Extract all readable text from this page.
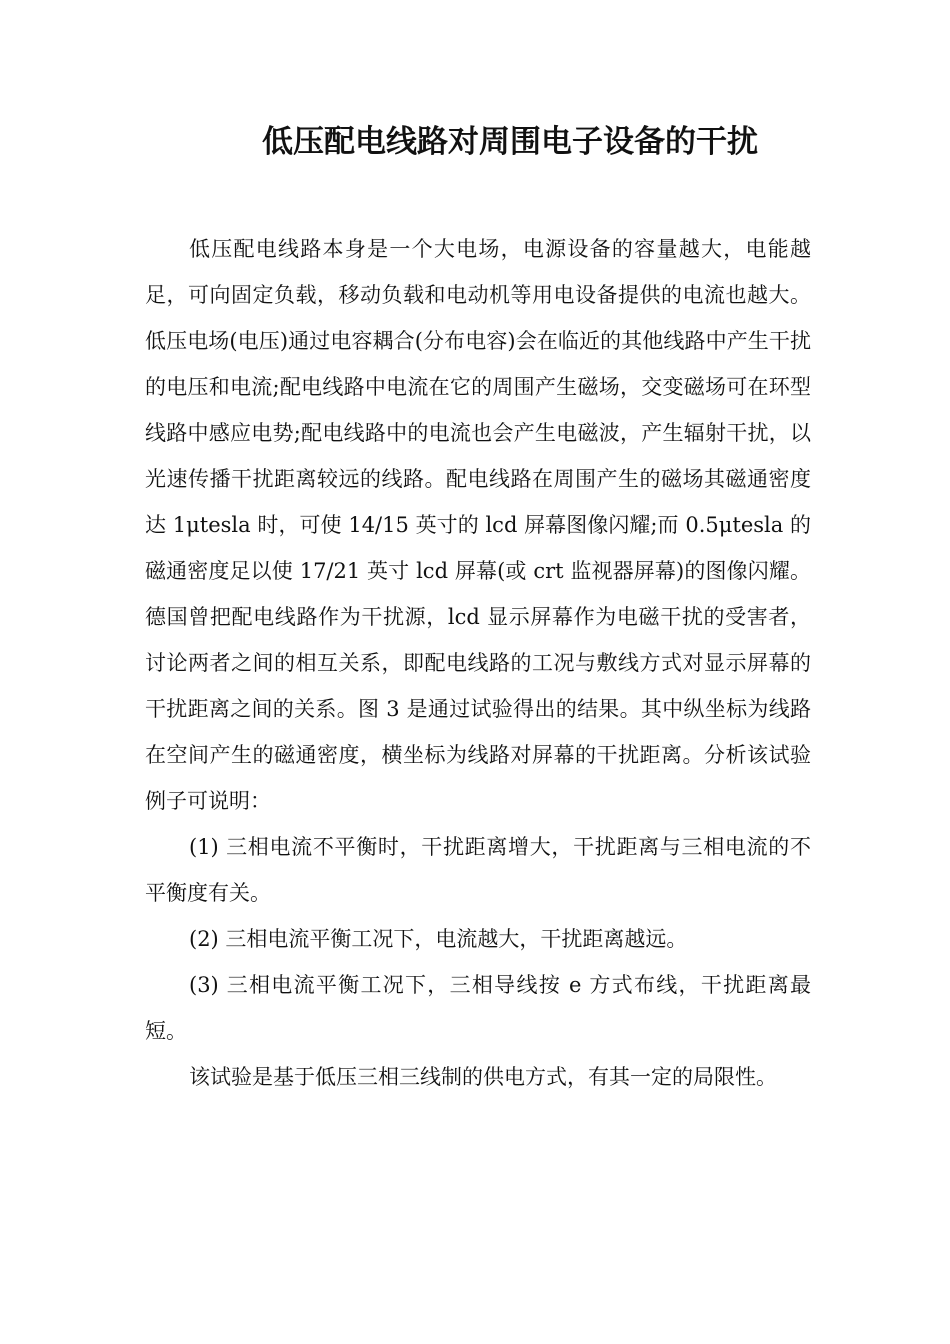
低压配电线路对周围电子设备的干扰

低压配电线路本身是一个大电场，电源设备的容量越大，电能越足，可向固定负载，移动负载和电动机等用电设备提供的电流也越大。低压电场(电压)通过电容耦合(分布电容)会在临近的其他线路中产生干扰的电压和电流;配电线路中电流在它的周围产生磁场，交变磁场可在环型线路中感应电势;配电线路中的电流也会产生电磁波，产生辐射干扰，以光速传播干扰距离较远的线路。配电线路在周围产生的磁场其磁通密度达 1μtesla 时，可使 14/15 英寸的 lcd 屏幕图像闪耀;而 0.5μtesla 的磁通密度足以使 17/21 英寸 lcd 屏幕(或 crt 监视器屏幕)的图像闪耀。德国曾把配电线路作为干扰源，lcd 显示屏幕作为电磁干扰的受害者，讨论两者之间的相互关系，即配电线路的工况与敷线方式对显示屏幕的干扰距离之间的关系。图 3 是通过试验得出的结果。其中纵坐标为线路在空间产生的磁通密度，横坐标为线路对屏幕的干扰距离。分析该试验例子可说明：

(1) 三相电流不平衡时，干扰距离增大，干扰距离与三相电流的不平衡度有关。

(2) 三相电流平衡工况下，电流越大，干扰距离越远。

(3) 三相电流平衡工况下，三相导线按 e 方式布线，干扰距离最短。

该试验是基于低压三相三线制的供电方式，有其一定的局限性。
